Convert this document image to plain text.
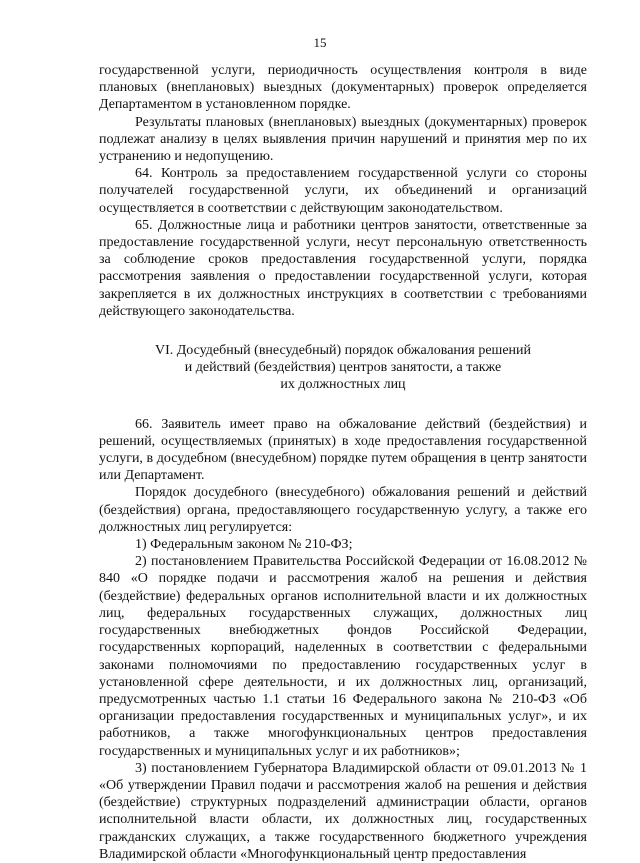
15

государственной услуги, периодичность осуществления контроля в виде плановых (внеплановых) выездных (документарных) проверок определяется Департаментом в установленном порядке.

Результаты плановых (внеплановых) выездных (документарных) проверок подлежат анализу в целях выявления причин нарушений и принятия мер по их устранению и недопущению.

64. Контроль за предоставлением государственной услуги со стороны получателей государственной услуги, их объединений и организаций осуществляется в соответствии с действующим законодательством.

65. Должностные лица и работники центров занятости, ответственные за предоставление государственной услуги, несут персональную ответственность за соблюдение сроков предоставления государственной услуги, порядка рассмотрения заявления о предоставлении государственной услуги, которая закрепляется в их должностных инструкциях в соответствии с требованиями действующего законодательства.

VI. Досудебный (внесудебный) порядок обжалования решений
и действий (бездействия) центров занятости, а также
их должностных лиц

66. Заявитель имеет право на обжалование действий (бездействия) и решений, осуществляемых (принятых) в ходе предоставления государственной услуги, в досудебном (внесудебном) порядке путем обращения в центр занятости или Департамент.

Порядок досудебного (внесудебного) обжалования решений и действий (бездействия) органа, предоставляющего государственную услугу, а также его должностных лиц регулируется:

1) Федеральным законом № 210-ФЗ;

2) постановлением Правительства Российской Федерации от 16.08.2012 № 840 «О порядке подачи и рассмотрения жалоб на решения и действия (бездействие) федеральных органов исполнительной власти и их должностных лиц, федеральных государственных служащих, должностных лиц государственных внебюджетных фондов Российской Федерации, государственных корпораций, наделенных в соответствии с федеральными законами полномочиями по предоставлению государственных услуг в установленной сфере деятельности, и их должностных лиц, организаций, предусмотренных частью 1.1 статьи 16 Федерального закона № 210-ФЗ «Об организации предоставления государственных и муниципальных услуг», и их работников, а также многофункциональных центров предоставления государственных и муниципальных услуг и их работников»;

3) постановлением Губернатора Владимирской области от 09.01.2013 № 1 «Об утверждении Правил подачи и рассмотрения жалоб на решения и действия (бездействие) структурных подразделений администрации области, органов исполнительной власти области, их должностных лиц, государственных гражданских служащих, а также государственного бюджетного учреждения Владимирской области «Многофункциональный центр предоставления
